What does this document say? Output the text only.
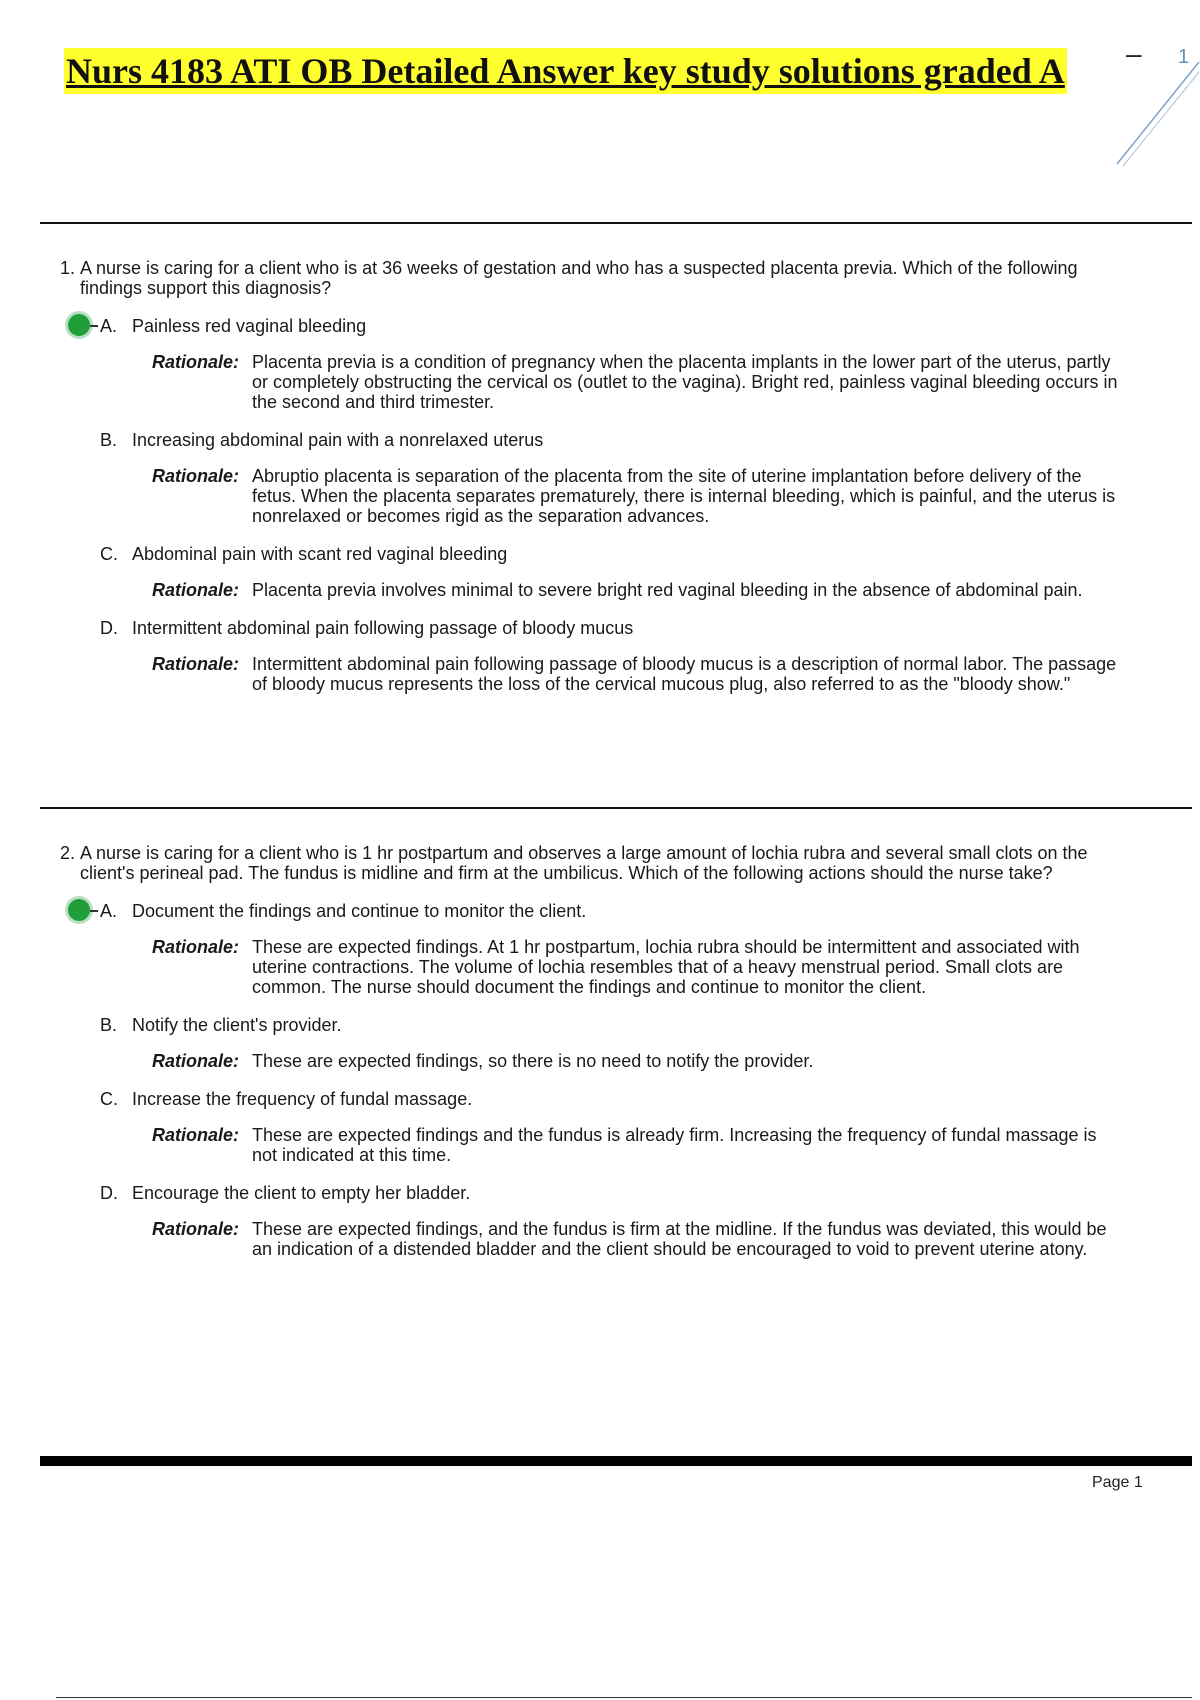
Nurs 4183 ATI OB Detailed Answer key study solutions graded A – 1
1. A nurse is caring for a client who is at 36 weeks of gestation and who has a suspected placenta previa. Which of the following findings support this diagnosis?
A. Painless red vaginal bleeding
Rationale: Placenta previa is a condition of pregnancy when the placenta implants in the lower part of the uterus, partly or completely obstructing the cervical os (outlet to the vagina). Bright red, painless vaginal bleeding occurs in the second and third trimester.
B. Increasing abdominal pain with a nonrelaxed uterus
Rationale: Abruptio placenta is separation of the placenta from the site of uterine implantation before delivery of the fetus. When the placenta separates prematurely, there is internal bleeding, which is painful, and the uterus is nonrelaxed or becomes rigid as the separation advances.
C. Abdominal pain with scant red vaginal bleeding
Rationale: Placenta previa involves minimal to severe bright red vaginal bleeding in the absence of abdominal pain.
D. Intermittent abdominal pain following passage of bloody mucus
Rationale: Intermittent abdominal pain following passage of bloody mucus is a description of normal labor. The passage of bloody mucus represents the loss of the cervical mucous plug, also referred to as the "bloody show."
2. A nurse is caring for a client who is 1 hr postpartum and observes a large amount of lochia rubra and several small clots on the client's perineal pad. The fundus is midline and firm at the umbilicus. Which of the following actions should the nurse take?
A. Document the findings and continue to monitor the client.
Rationale: These are expected findings. At 1 hr postpartum, lochia rubra should be intermittent and associated with uterine contractions. The volume of lochia resembles that of a heavy menstrual period. Small clots are common. The nurse should document the findings and continue to monitor the client.
B. Notify the client's provider.
Rationale: These are expected findings, so there is no need to notify the provider.
C. Increase the frequency of fundal massage.
Rationale: These are expected findings and the fundus is already firm. Increasing the frequency of fundal massage is not indicated at this time.
D. Encourage the client to empty her bladder.
Rationale: These are expected findings, and the fundus is firm at the midline. If the fundus was deviated, this would be an indication of a distended bladder and the client should be encouraged to void to prevent uterine atony.
Page 1
